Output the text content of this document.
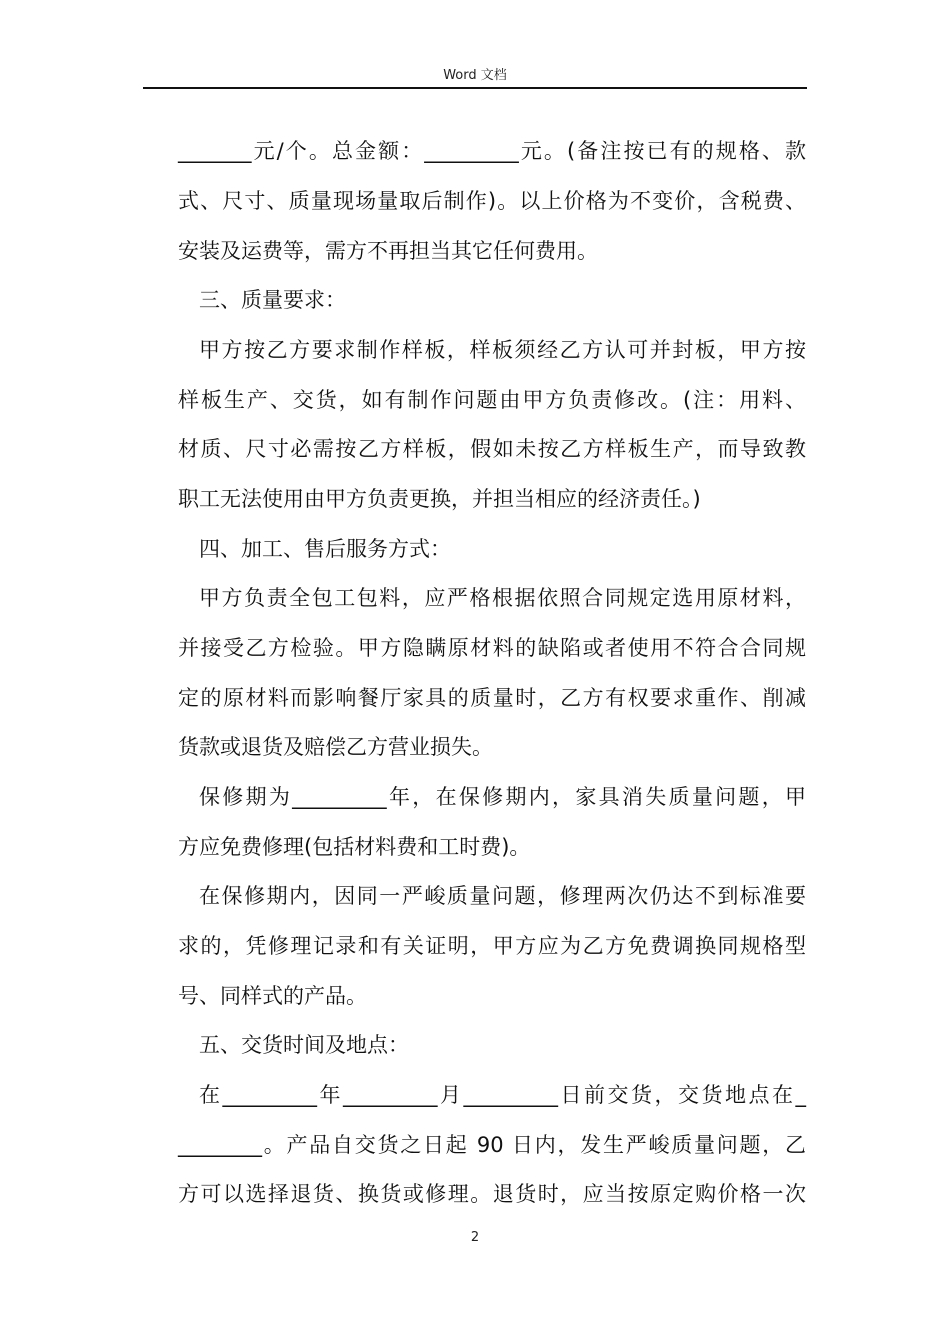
Word 文档
_______元/个。总金额：_________元。(备注按已有的规格、款
式、尺寸、质量现场量取后制作)。以上价格为不变价，含税费、
安装及运费等，需方不再担当其它任何费用。
三、质量要求：
甲方按乙方要求制作样板，样板须经乙方认可并封板，甲方按
样板生产、交货，如有制作问题由甲方负责修改。(注：用料、
材质、尺寸必需按乙方样板，假如未按乙方样板生产，而导致教
职工无法使用由甲方负责更换，并担当相应的经济责任。)
四、加工、售后服务方式：
甲方负责全包工包料，应严格根据依照合同规定选用原材料，
并接受乙方检验。甲方隐瞒原材料的缺陷或者使用不符合合同规
定的原材料而影响餐厅家具的质量时，乙方有权要求重作、削减
货款或退货及赔偿乙方营业损失。
保修期为_________年，在保修期内，家具消失质量问题，甲
方应免费修理(包括材料费和工时费)。
在保修期内，因同一严峻质量问题，修理两次仍达不到标准要
求的，凭修理记录和有关证明，甲方应为乙方免费调换同规格型
号、同样式的产品。
五、交货时间及地点：
在_________年_________月_________日前交货，交货地点在_
________。产品自交货之日起 90 日内，发生严峻质量问题，乙
方可以选择退货、换货或修理。退货时，应当按原定购价格一次
2
